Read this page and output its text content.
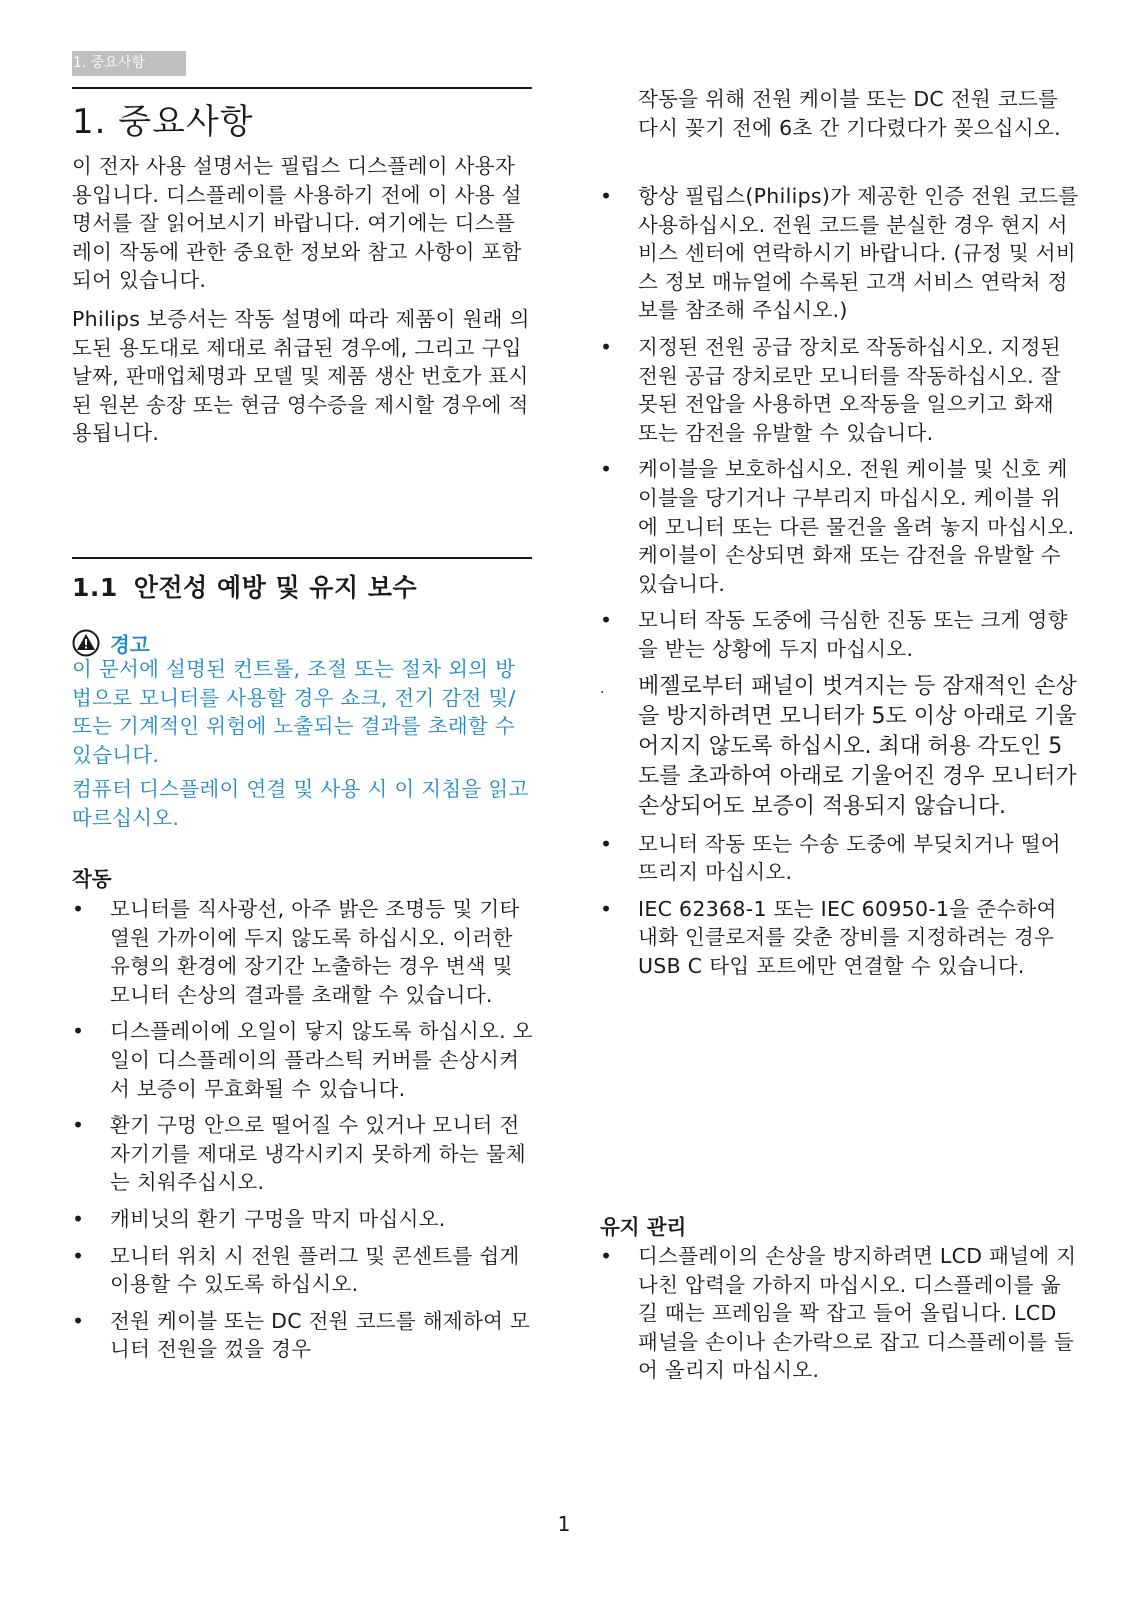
1. 중요사항
1. 중요사항

이 전자 사용 설명서는 필립스 디스플레이 사용자용입니다. 디스플레이를 사용하기 전에 이 사용 설명서를 잘 읽어보시기 바랍니다. 여기에는 디스플레이 작동에 관한 중요한 정보와 참고 사항이 포함되어 있습니다.

Philips 보증서는 작동 설명에 따라 제품이 원래 의도된 용도대로 제대로 취급된 경우에, 그리고 구입 날짜, 판매업체명과 모델 및 제품 생산 번호가 표시된 원본 송장 또는 현금 영수증을 제시할 경우에 적용됩니다.

1.1 안전성 예방 및 유지 보수
경고

이 문서에 설명된 컨트롤, 조절 또는 절차 외의 방법으로 모니터를 사용할 경우 쇼크, 전기 감전 및/또는 기계적인 위험에 노출되는 결과를 초래할 수 있습니다.

컴퓨터 디스플레이 연결 및 사용 시 이 지침을 읽고 따르십시오.

작동
• 모니터를 직사광선, 아주 밝은 조명등 및 기타 열원 가까이에 두지 않도록 하십시오. 이러한 유형의 환경에 장기간 노출하는 경우 변색 및 모니터 손상의 결과를 초래할 수 있습니다.
• 디스플레이에 오일이 닿지 않도록 하십시오. 오일이 디스플레이의 플라스틱 커버를 손상시켜서 보증이 무효화될 수 있습니다.
• 환기 구멍 안으로 떨어질 수 있거나 모니터 전자기기를 제대로 냉각시키지 못하게 하는 물체는 치워주십시오.
• 캐비닛의 환기 구멍을 막지 마십시오.
• 모니터 위치 시 전원 플러그 및 콘센트를 쉽게 이용할 수 있도록 하십시오.
• 전원 케이블 또는 DC 전원 코드를 해제하여 모니터 전원을 껐을 경우

작동을 위해 전원 케이블 또는 DC 전원 코드를 다시 꽂기 전에 6초 간 기다렸다가 꽂으십시오.

• 항상 필립스(Philips)가 제공한 인증 전원 코드를 사용하십시오. 전원 코드를 분실한 경우 현지 서비스 센터에 연락하시기 바랍니다. (규정 및 서비스 정보 매뉴얼에 수록된 고객 서비스 연락처 정보를 참조해 주십시오.)
• 지정된 전원 공급 장치로 작동하십시오. 지정된 전원 공급 장치로만 모니터를 작동하십시오. 잘못된 전압을 사용하면 오작동을 일으키고 화재 또는 감전을 유발할 수 있습니다.
• 케이블을 보호하십시오. 전원 케이블 및 신호 케이블을 당기거나 구부리지 마십시오. 케이블 위에 모니터 또는 다른 물건을 올려 놓지 마십시오. 케이블이 손상되면 화재 또는 감전을 유발할 수 있습니다.
• 모니터 작동 도중에 극심한 진동 또는 크게 영향을 받는 상황에 두지 마십시오.
· 베젤로부터 패널이 벗겨지는 등 잠재적인 손상을 방지하려면 모니터가 5도 이상 아래로 기울어지지 않도록 하십시오. 최대 허용 각도인 5도를 초과하여 아래로 기울어진 경우 모니터가 손상되어도 보증이 적용되지 않습니다.
• 모니터 작동 또는 수송 도중에 부딪치거나 떨어뜨리지 마십시오.
• IEC 62368-1 또는 IEC 60950-1을 준수하여 내화 인클로저를 갖춘 장비를 지정하려는 경우 USB C 타입 포트에만 연결할 수 있습니다.
유지 관리
• 디스플레이의 손상을 방지하려면 LCD 패널에 지나친 압력을 가하지 마십시오. 디스플레이를 옮길 때는 프레임을 꽉 잡고 들어 올립니다. LCD 패널을 손이나 손가락으로 잡고 디스플레이를 들어 올리지 마십시오.
1
